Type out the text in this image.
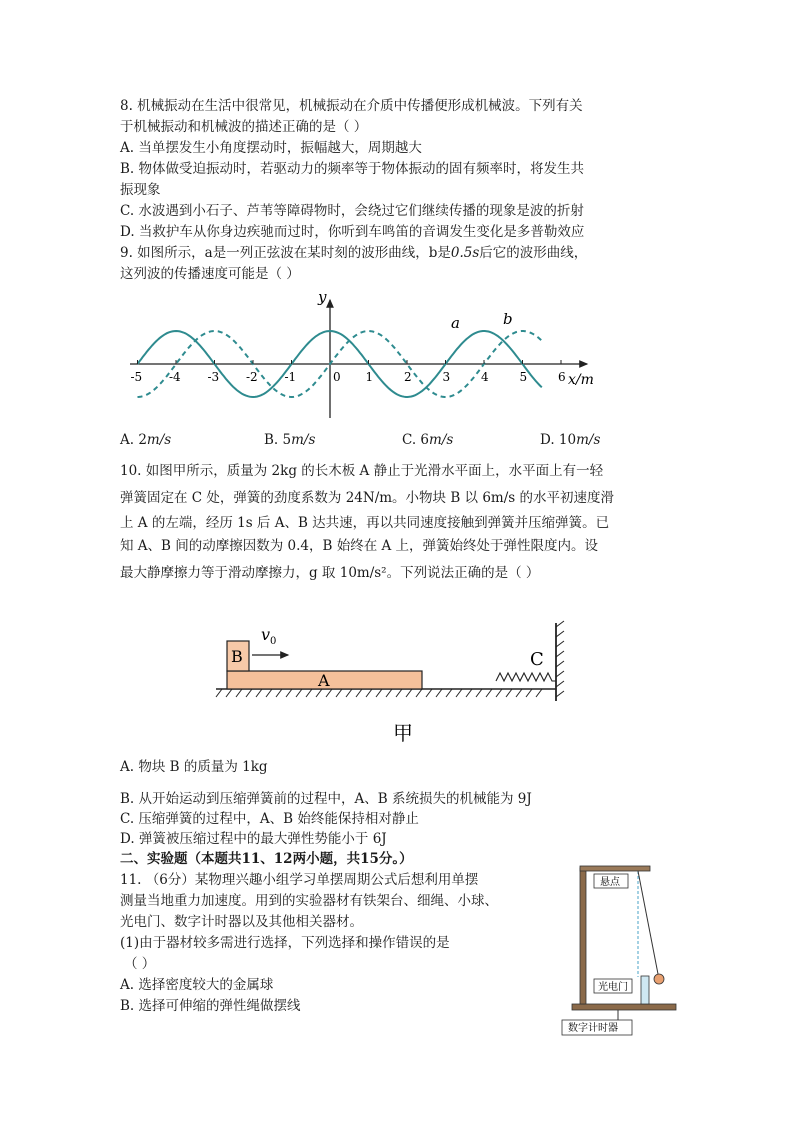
8. 机械振动在生活中很常见，机械振动在介质中传播便形成机械波。下列有关
于机械振动和机械波的描述正确的是（ ）
A. 当单摆发生小角度摆动时，振幅越大，周期越大
B. 物体做受迫振动时，若驱动力的频率等于物体振动的固有频率时，将发生共
振现象
C. 水波遇到小石子、芦苇等障碍物时，会绕过它们继续传播的现象是波的折射
D. 当救护车从你身边疾驰而过时，你听到车鸣笛的音调发生变化是多普勒效应
9. 如图所示，a是一列正弦波在某时刻的波形曲线，b是0.5s后它的波形曲线，
这列波的传播速度可能是（ ）
-5 -4 -3 -2 -1	1	2	3	4	5	6
y
x/m
0
a	b
A. 2m/s	B. 5m/s	C. 6m/s	D. 10m/s
10. 如图甲所示，质量为 2kg 的长木板 A 静止于光滑水平面上，水平面上有一轻
弹簧固定在 C 处，弹簧的劲度系数为 24N/m。小物块 B 以 6m/s 的水平初速度滑
上 A 的左端，经历 1s 后 A、B 达共速，再以共同速度接触到弹簧并压缩弹簧。已
知 A、B 间的动摩擦因数为 0.4，B 始终在 A 上，弹簧始终处于弹性限度内。设
最大静摩擦力等于滑动摩擦力，g 取 10m/s²。下列说法正确的是（ ）
A
B
v 0
C
甲
A. 物块 B 的质量为 1kg
B. 从开始运动到压缩弹簧前的过程中，A、B 系统损失的机械能为 9J
C. 压缩弹簧的过程中，A、B 始终能保持相对静止
D. 弹簧被压缩过程中的最大弹性势能小于 6J
二、实验题（本题共11、12两小题，共15分。）
11. （6分）某物理兴趣小组学习单摆周期公式后想利用单摆
测量当地重力加速度。用到的实验器材有铁架台、细绳、小球、
光电门、数字计时器以及其他相关器材。
(1)由于器材较多需进行选择，下列选择和操作错误的是
（ ）
A. 选择密度较大的金属球
B. 选择可伸缩的弹性绳做摆线
悬点
光电门
数字计时器
